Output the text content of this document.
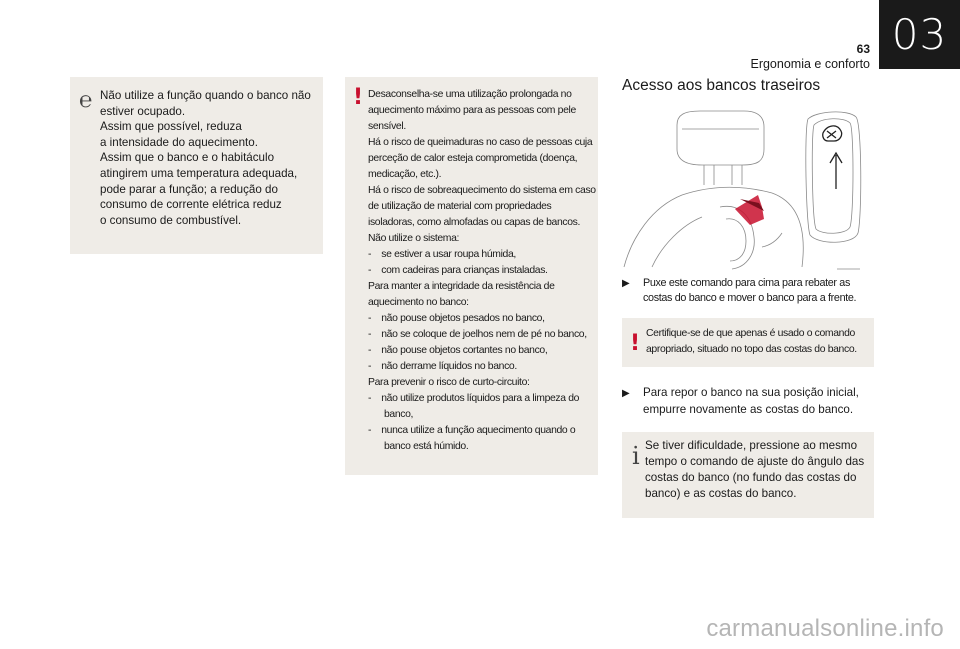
03
63
Ergonomia e conforto
℮ Não utilize a função quando o banco não

estiver ocupado.

Assim que possível, reduza

a intensidade do aquecimento.

Assim que o banco e o habitáculo

atingirem uma temperatura adequada,

pode parar a função; a redução do

consumo de corrente elétrica reduz

o consumo de combustível.

! Desaconselha-se uma utilização prolongada no aquecimento máximo para as pessoas com pele sensível.

Há o risco de queimaduras no caso de pessoas cuja perceção de calor esteja comprometida (doença, medicação, etc.).

Há o risco de sobreaquecimento do sistema em caso de utilização de material com propriedades isoladoras, como almofadas ou capas de bancos.

Não utilize o sistema:

-    se estiver a usar roupa húmida,

-    com cadeiras para crianças instaladas.

Para manter a integridade da resistência de aquecimento no banco:

-    não pouse objetos pesados no banco,

-    não se coloque de joelhos nem de pé no banco,

-    não pouse objetos cortantes no banco,

-    não derrame líquidos no banco.

Para prevenir o risco de curto-circuito:

-    não utilize produtos líquidos para a limpeza do banco,

-    nunca utilize a função aquecimento quando o banco está húmido.

Acesso aos bancos traseiros
▶ Puxe este comando para cima para rebater as costas do banco e mover o banco para a frente.
! Certifique-se de que apenas é usado o comando apropriado, situado no topo das costas do banco.
▶ Para repor o banco na sua posição inicial, empurre novamente as costas do banco.
i Se tiver dificuldade, pressione ao mesmo tempo o comando de ajuste do ângulo das costas do banco (no fundo das costas do banco) e as costas do banco.
carmanualsonline.info
